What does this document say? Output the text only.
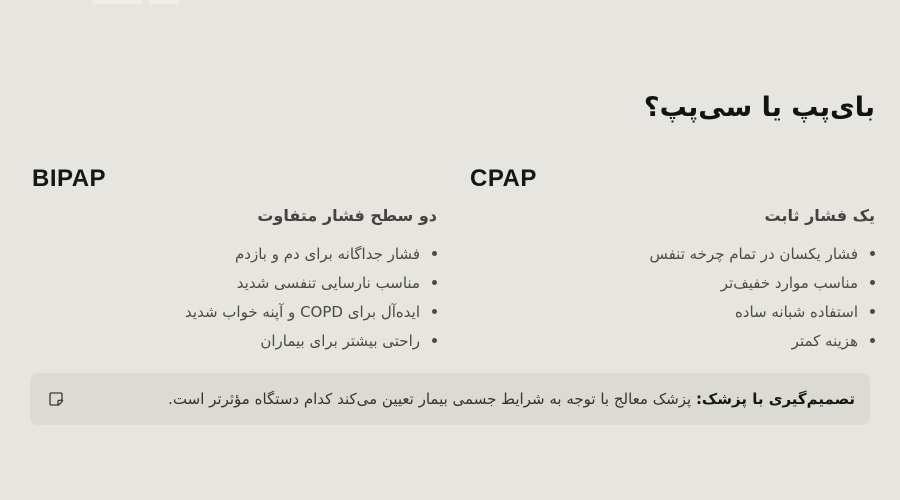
بای‌پپ یا سی‌پپ؟
BIPAP
دو سطح فشار متفاوت
فشار جداگانه برای دم و بازدم
مناسب نارسایی تنفسی شدید
ایده‌آل برای COPD و آپنه خواب شدید
راحتی بیشتر برای بیماران
CPAP
یک فشار ثابت
فشار یکسان در تمام چرخه تنفس
مناسب موارد خفیف‌تر
استفاده شبانه ساده
هزینه کمتر

تصمیم‌گیری با پزشک: پزشک معالج با توجه به شرایط جسمی بیمار تعیین می‌کند کدام دستگاه مؤثرتر است.
